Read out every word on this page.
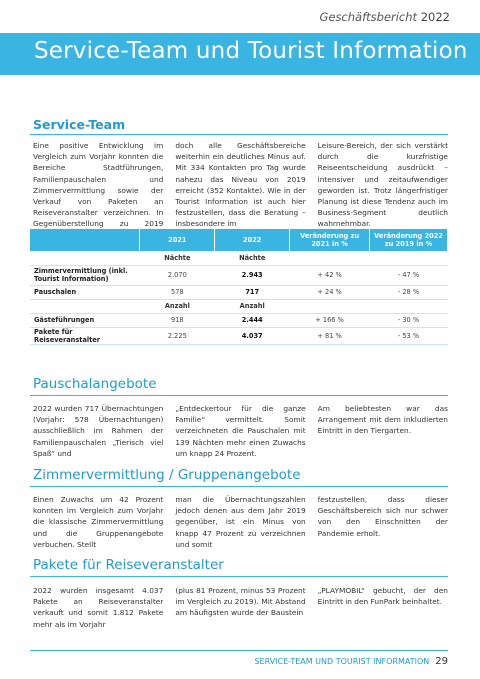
Geschäftsbericht 2022
Service-Team und Tourist Information
Service-Team

Eine positive Entwicklung im Vergleich zum Vorjahr konnten die Bereiche Stadtführungen, Familienpauschalen und Zimmervermittlung sowie der Verkauf von Paketen an Reiseveranstalter verzeichnen. In Gegenüberstellung zu 2019

doch alle Geschäftsbereiche weiterhin ein deutliches Minus auf. Mit 334 Kontakten pro Tag wurde nahezu das Niveau von 2019 erreicht (352 Kontakte). Wie in der Tourist Information ist auch hier festzustellen, dass die Beratung – insbesondere im

Leisure-Bereich, der sich verstärkt durch die kurzfristige Reiseentscheidung ausdrückt – intensiver und zeitaufwendiger geworden ist. Trotz längerfristiger Planung ist diese Tendenz auch im Business-Segment deutlich wahrnehmbar.

	2021	2022	Veränderung zu 2021 in %	Veränderung 2022 zu 2019 in %
	Nächte	Nächte		
Zimmervermittlung (inkl. Tourist Information)	2.070	2.943	+ 42 %	- 47 %
Pauschalen	578	717	+ 24 %	- 28 %
	Anzahl	Anzahl		
Gästeführungen	918	2.444	+ 166 %	- 30 %
Pakete für Reiseveranstalter	2.225	4.037	+ 81 %	- 53 %
Pauschalangebote

2022 wurden 717 Übernachtungen (Vorjahr: 578 Übernachtungen) ausschließlich im Rahmen der Familienpauschalen „Tierisch viel Spaß“ und

„Entdeckertour für die ganze Familie“ vermittelt. Somit verzeichneten die Pauschalen mit 139 Nächten mehr einen Zuwachs um knapp 24 Prozent.

Am beliebtesten war das Arrangement mit dem inkludierten Eintritt in den Tiergarten.

Zimmervermittlung / Gruppenangebote

Einen Zuwachs um 42 Prozent konnten im Vergleich zum Vorjahr die klassische Zimmervermittlung und die Gruppenangebote verbuchen. Stellt

man die Übernachtungszahlen jedoch denen aus dem Jahr 2019 gegenüber, ist ein Minus von knapp 47 Prozent zu verzeichnen und somit

festzustellen, dass dieser Geschäftsbereich sich nur schwer von den Einschnitten der Pandemie erholt.

Pakete für Reiseveranstalter

2022 wurden insgesamt 4.037 Pakete an Reiseveranstalter verkauft und somit 1.812 Pakete mehr als im Vorjahr

(plus 81 Prozent, minus 53 Prozent im Vergleich zu 2019). Mit Abstand am häufigsten wurde der Baustein

„PLAYMOBIL“ gebucht, der den Eintritt in den FunPark beinhaltet.

SERVICE-TEAM UND TOURIST INFORMATION 29
